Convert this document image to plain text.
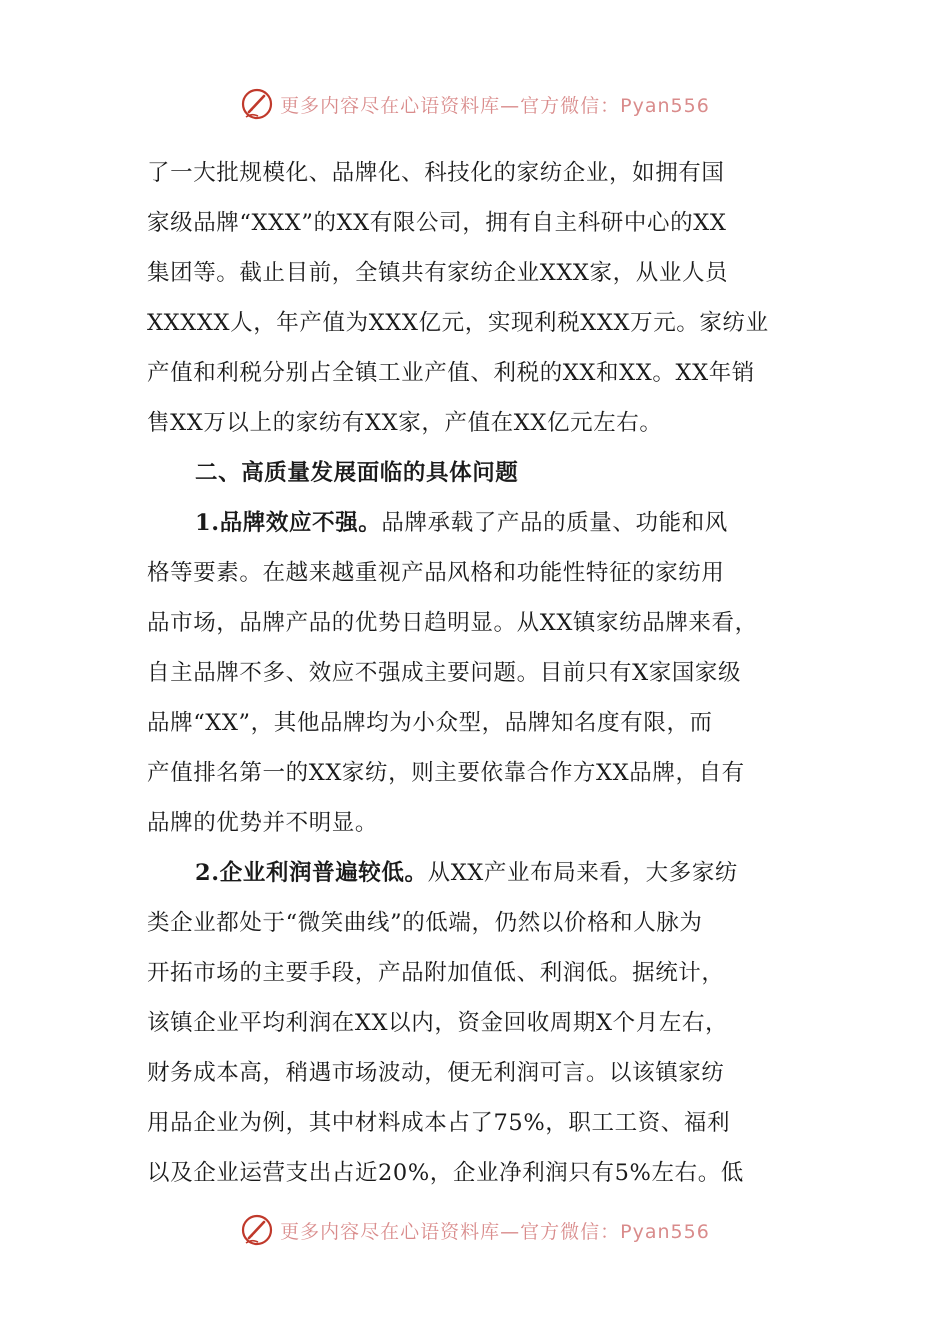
更多内容尽在心语资料库—官方微信：Pyan556
了一大批规模化、品牌化、科技化的家纺企业，如拥有国
家级品牌“XXX”的XX有限公司，拥有自主科研中心的XX
集团等。截止目前，全镇共有家纺企业XXX家，从业人员
XXXXX人，年产值为XXX亿元，实现利税XXX万元。家纺业
产值和利税分别占全镇工业产值、利税的XX和XX。XX年销
售XX万以上的家纺有XX家，产值在XX亿元左右。
二、高质量发展面临的具体问题
1.品牌效应不强。品牌承载了产品的质量、功能和风
格等要素。在越来越重视产品风格和功能性特征的家纺用
品市场，品牌产品的优势日趋明显。从XX镇家纺品牌来看，
自主品牌不多、效应不强成主要问题。目前只有X家国家级
品牌“XX”，其他品牌均为小众型，品牌知名度有限，而
产值排名第一的XX家纺，则主要依靠合作方XX品牌，自有
品牌的优势并不明显。
2.企业利润普遍较低。从XX产业布局来看，大多家纺
类企业都处于“微笑曲线”的低端，仍然以价格和人脉为
开拓市场的主要手段，产品附加值低、利润低。据统计，
该镇企业平均利润在XX以内，资金回收周期X个月左右，
财务成本高，稍遇市场波动，便无利润可言。以该镇家纺
用品企业为例，其中材料成本占了75%，职工工资、福利
以及企业运营支出占近20%，企业净利润只有5%左右。低
更多内容尽在心语资料库—官方微信：Pyan556
